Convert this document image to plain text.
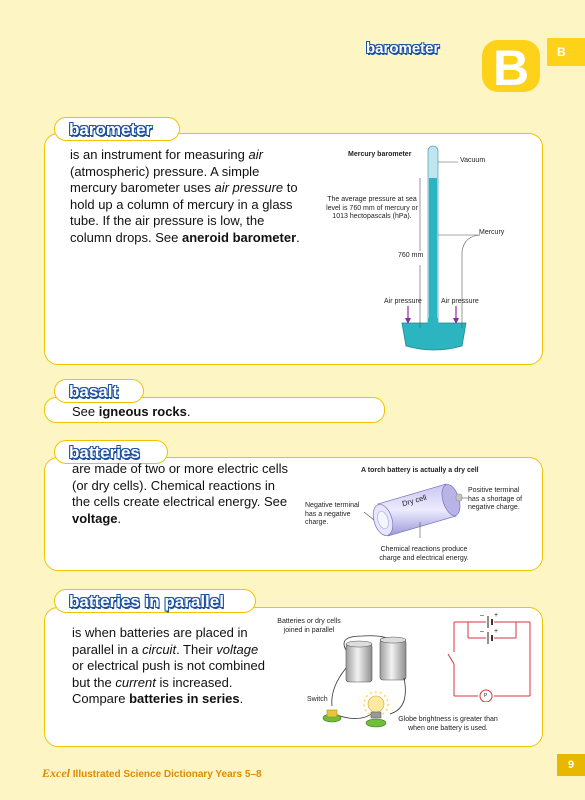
barometer B	B
barometer
is an instrument for measuring air
(atmospheric) pressure. A simple
mercury barometer uses air pressure to
hold up a column of mercury in a glass
tube. If the air pressure is low, the
column drops. See aneroid barometer.
Mercury barometer
Vacuum
The average pressure at sea level is 760 mm of mercury or 1013 hectopascals (hPa).
Mercury
760 mm
Air pressure	Air pressure
basalt
See igneous rocks.
batteries
are made of two or more electric cells
(or dry cells). Chemical reactions in
the cells create electrical energy. See
voltage.
A torch battery is actually a dry cell
Dry cell
Negative terminal has a negative charge.
Positive terminal has a shortage of negative charge.
Chemical reactions produce charge and electrical energy.
batteries in parallel
is when batteries are placed in
parallel in a circuit. Their voltage
or electrical push is not combined
but the current is increased.
Compare batteries in series.
Batteries or dry cells joined in parallel
Switch
Globe brightness is greater than when one battery is used.
– +
– +
P
Excel Illustrated Science Dictionary Years 5–8
9
